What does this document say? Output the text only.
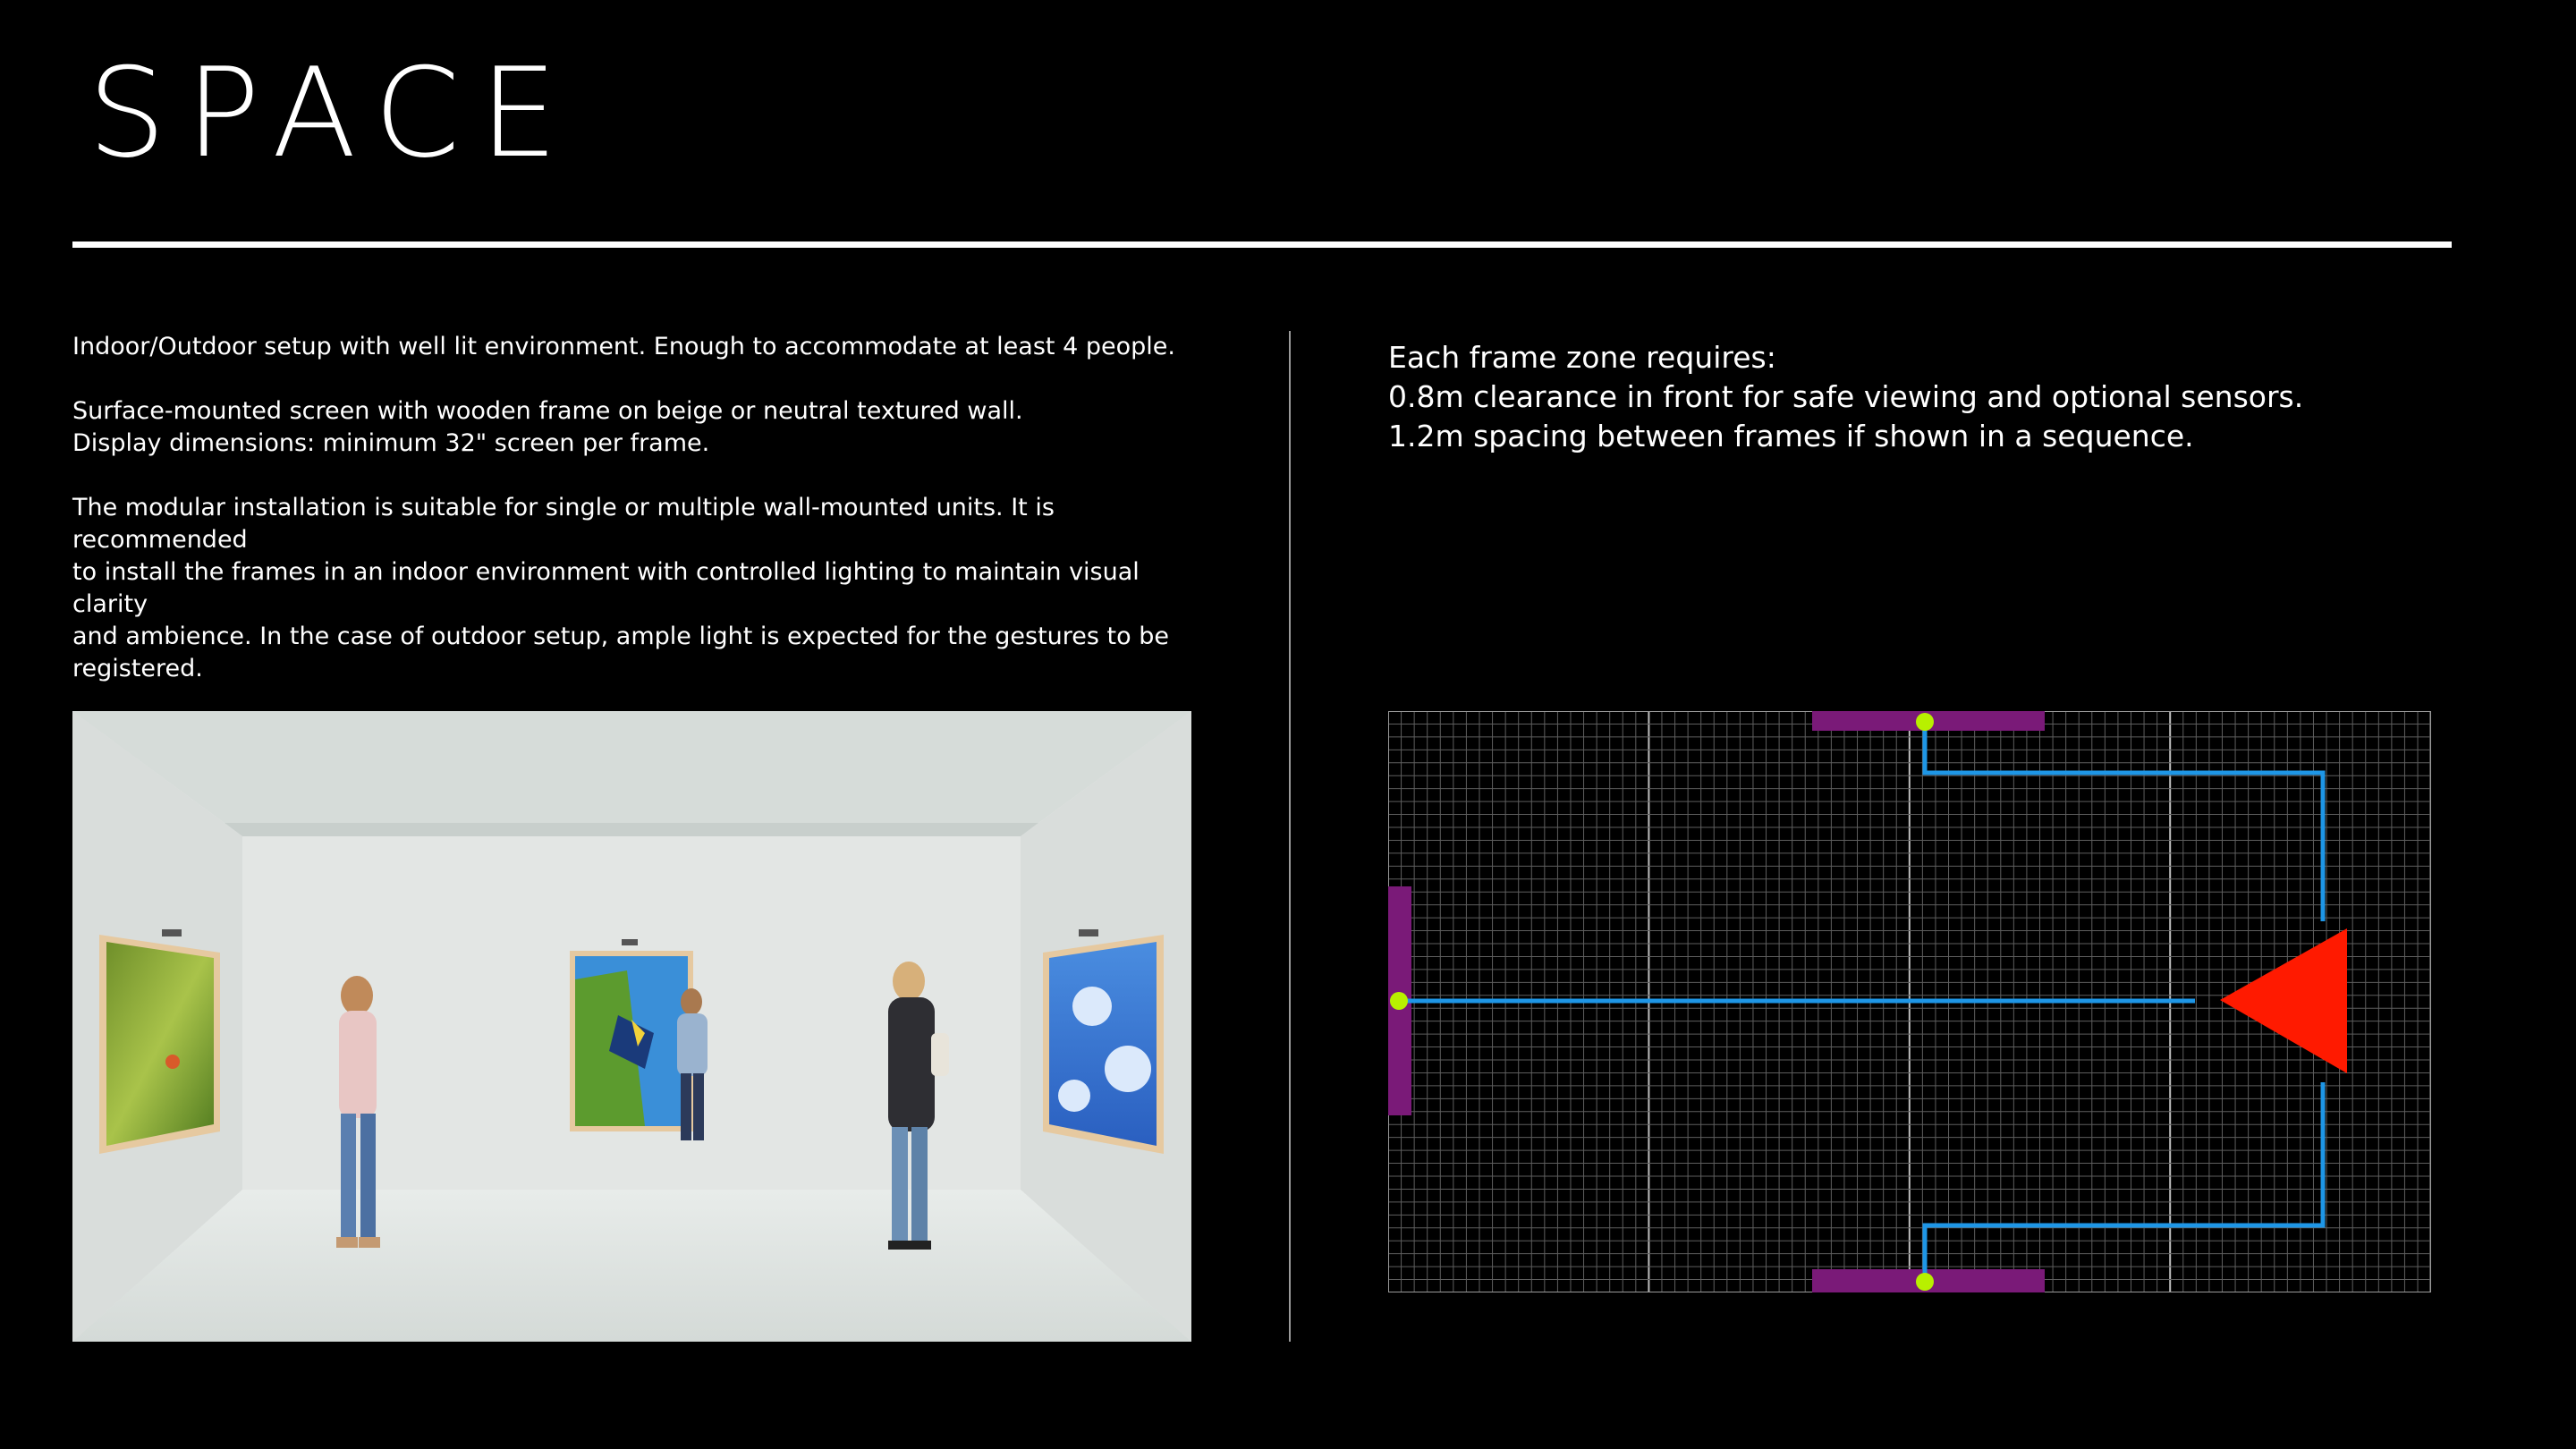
SPACE

Indoor/Outdoor setup with well lit environment. Enough to accommodate at least 4 people.

Surface-mounted screen with wooden frame on beige or neutral textured wall.
Display dimensions: minimum 32" screen per frame.

The modular installation is suitable for single or multiple wall-mounted units. It is recommended
to install the frames in an indoor environment with controlled lighting to maintain visual clarity
and ambience. In the case of outdoor setup, ample light is expected for the gestures to be
registered.

Each frame zone requires:
0.8m clearance in front for safe viewing and optional sensors.
1.2m spacing between frames if shown in a sequence.
